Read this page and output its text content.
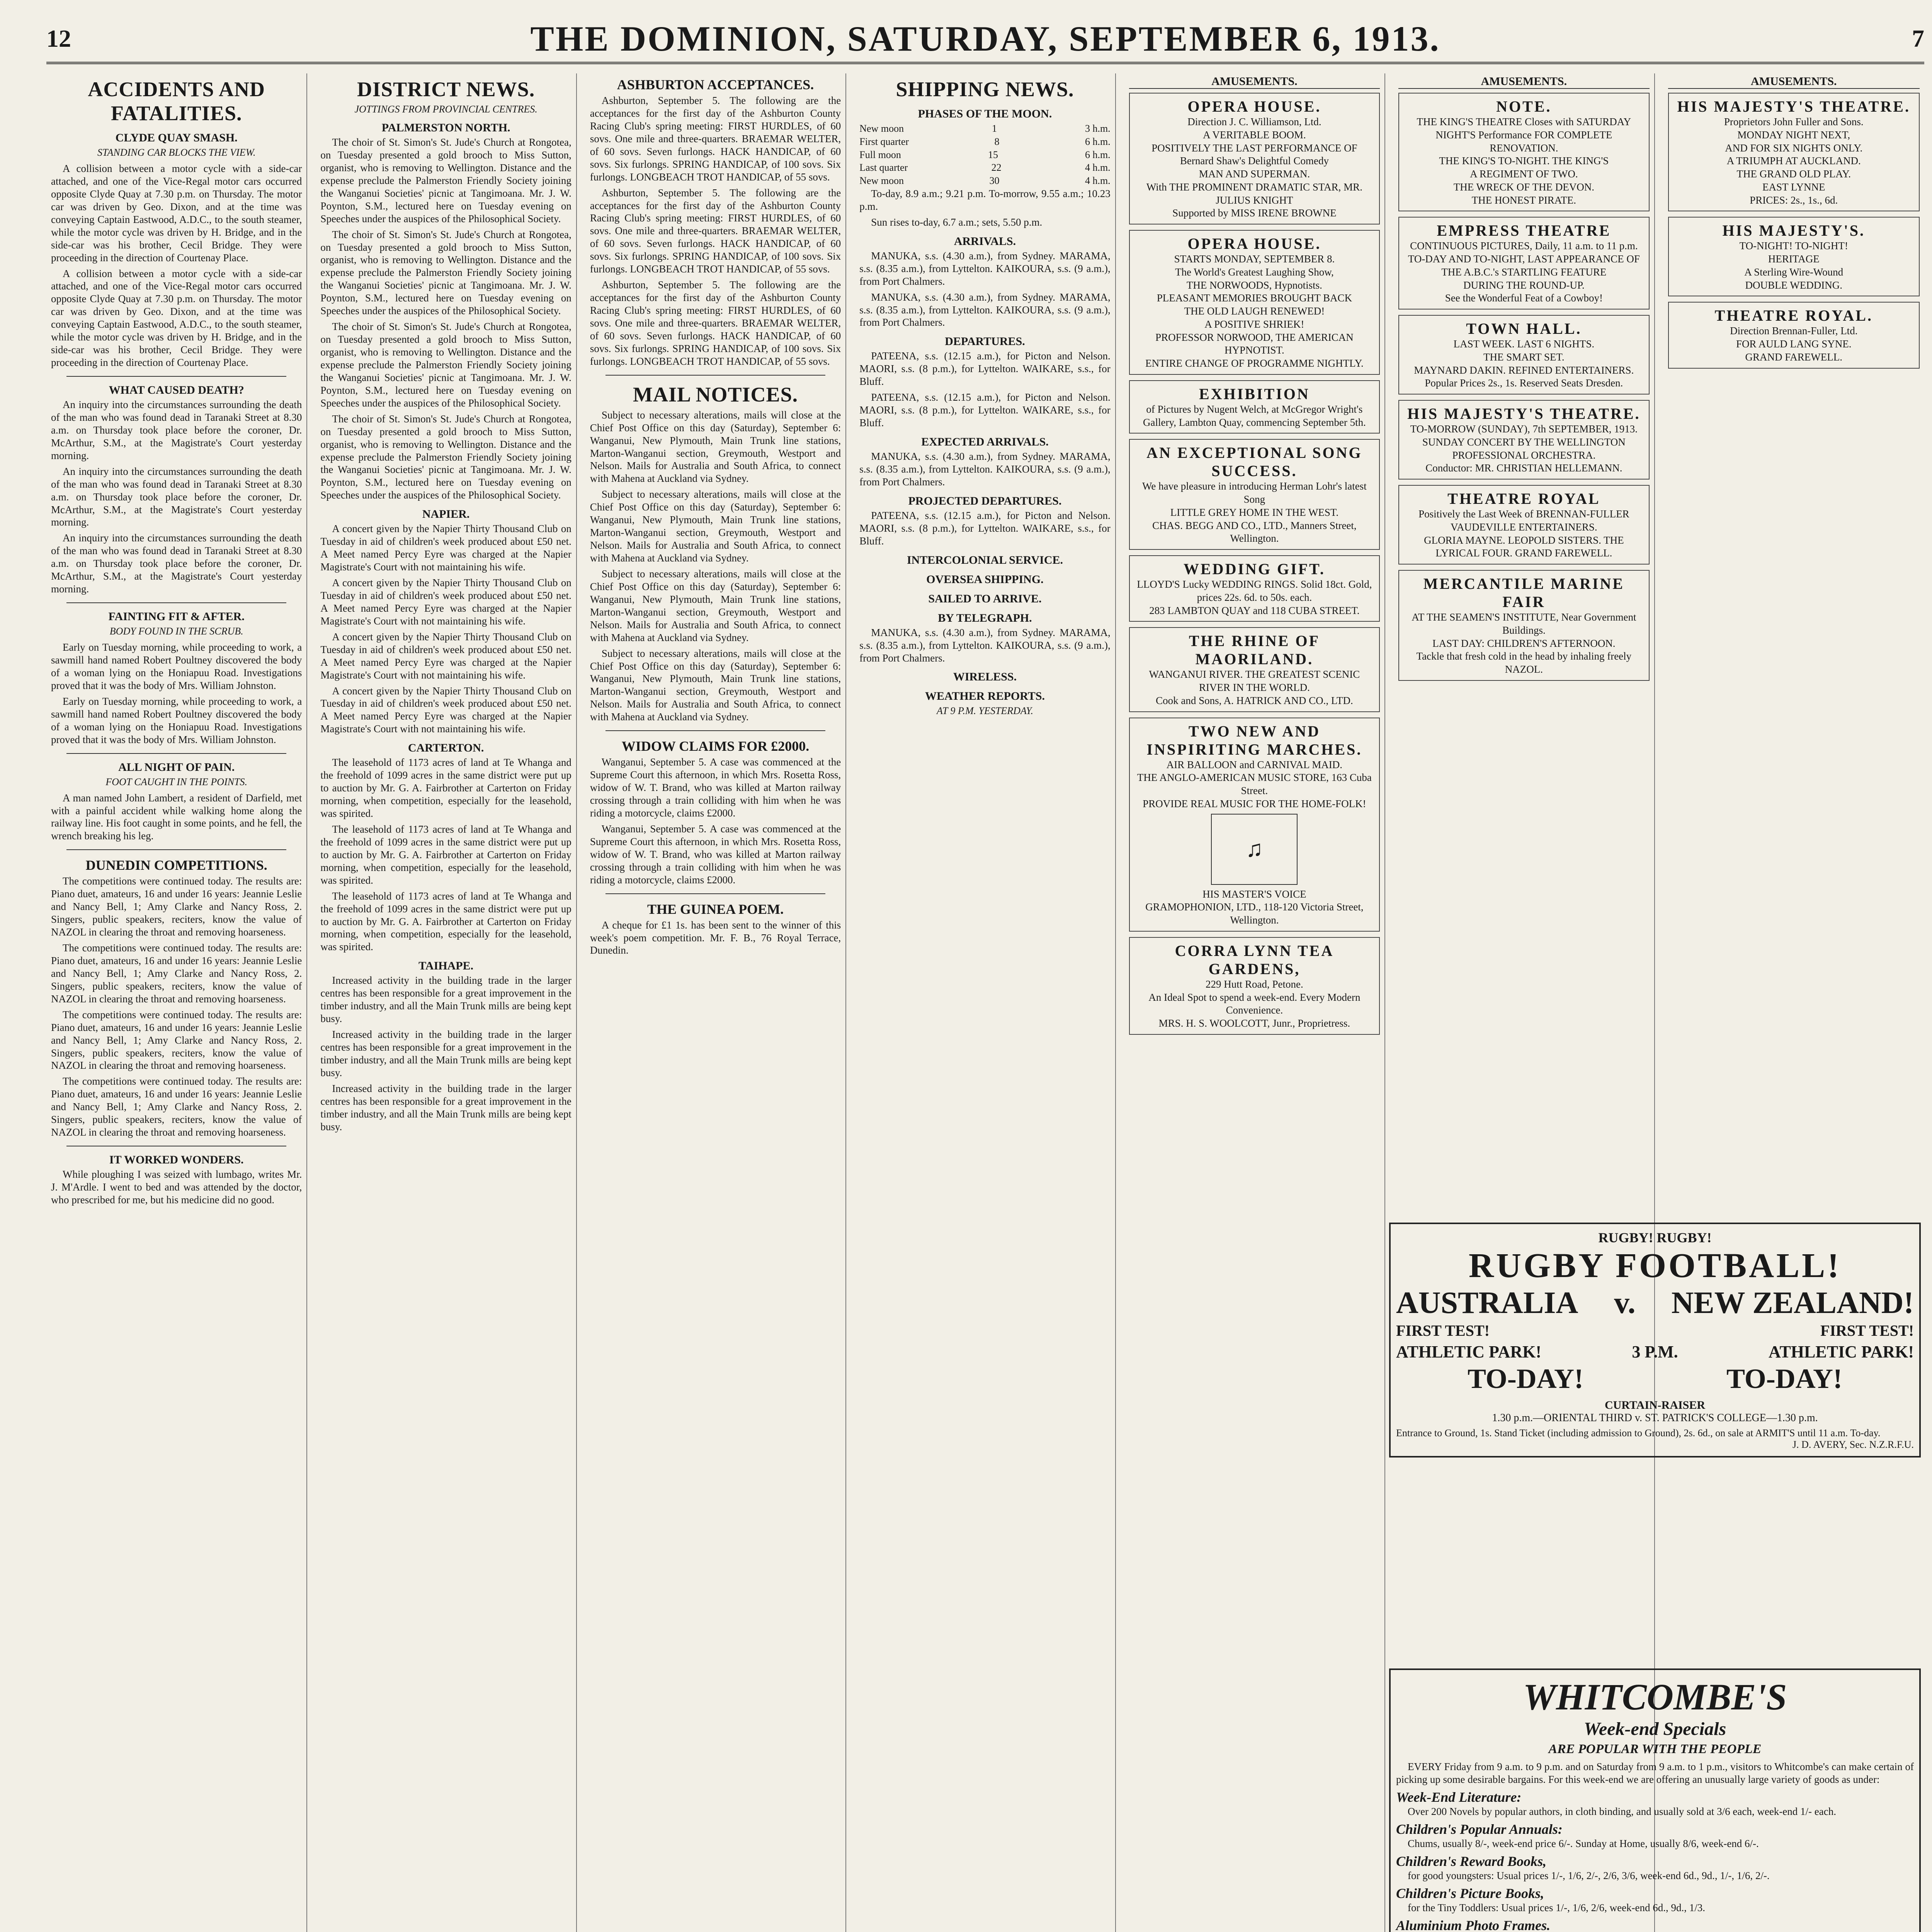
12	THE DOMINION, SATURDAY, SEPTEMBER 6, 1913.	7
ACCIDENTS AND FATALITIES.
CLYDE QUAY SMASH.
STANDING CAR BLOCKS THE VIEW.

A collision between a motor cycle with a side-car attached, and one of the Vice-Regal motor cars occurred opposite Clyde Quay at 7.30 p.m. on Thursday. The motor car was driven by Geo. Dixon, and at the time was conveying Captain Eastwood, A.D.C., to the south steamer, while the motor cycle was driven by H. Bridge, and in the side-car was his brother, Cecil Bridge. They were proceeding in the direction of Courtenay Place.

A collision between a motor cycle with a side-car attached, and one of the Vice-Regal motor cars occurred opposite Clyde Quay at 7.30 p.m. on Thursday. The motor car was driven by Geo. Dixon, and at the time was conveying Captain Eastwood, A.D.C., to the south steamer, while the motor cycle was driven by H. Bridge, and in the side-car was his brother, Cecil Bridge. They were proceeding in the direction of Courtenay Place.

WHAT CAUSED DEATH?

An inquiry into the circumstances surrounding the death of the man who was found dead in Taranaki Street at 8.30 a.m. on Thursday took place before the coroner, Dr. McArthur, S.M., at the Magistrate's Court yesterday morning.

An inquiry into the circumstances surrounding the death of the man who was found dead in Taranaki Street at 8.30 a.m. on Thursday took place before the coroner, Dr. McArthur, S.M., at the Magistrate's Court yesterday morning.

An inquiry into the circumstances surrounding the death of the man who was found dead in Taranaki Street at 8.30 a.m. on Thursday took place before the coroner, Dr. McArthur, S.M., at the Magistrate's Court yesterday morning.

FAINTING FIT & AFTER.
BODY FOUND IN THE SCRUB.

Early on Tuesday morning, while proceeding to work, a sawmill hand named Robert Poultney discovered the body of a woman lying on the Honiapuu Road. Investigations proved that it was the body of Mrs. William Johnston.

Early on Tuesday morning, while proceeding to work, a sawmill hand named Robert Poultney discovered the body of a woman lying on the Honiapuu Road. Investigations proved that it was the body of Mrs. William Johnston.

ALL NIGHT OF PAIN.
FOOT CAUGHT IN THE POINTS.

A man named John Lambert, a resident of Darfield, met with a painful accident while walking home along the railway line. His foot caught in some points, and he fell, the wrench breaking his leg.

DUNEDIN COMPETITIONS.

The competitions were continued today. The results are: Piano duet, amateurs, 16 and under 16 years: Jeannie Leslie and Nancy Bell, 1; Amy Clarke and Nancy Ross, 2. Singers, public speakers, reciters, know the value of NAZOL in clearing the throat and removing hoarseness.

The competitions were continued today. The results are: Piano duet, amateurs, 16 and under 16 years: Jeannie Leslie and Nancy Bell, 1; Amy Clarke and Nancy Ross, 2. Singers, public speakers, reciters, know the value of NAZOL in clearing the throat and removing hoarseness.

The competitions were continued today. The results are: Piano duet, amateurs, 16 and under 16 years: Jeannie Leslie and Nancy Bell, 1; Amy Clarke and Nancy Ross, 2. Singers, public speakers, reciters, know the value of NAZOL in clearing the throat and removing hoarseness.

The competitions were continued today. The results are: Piano duet, amateurs, 16 and under 16 years: Jeannie Leslie and Nancy Bell, 1; Amy Clarke and Nancy Ross, 2. Singers, public speakers, reciters, know the value of NAZOL in clearing the throat and removing hoarseness.

IT WORKED WONDERS.

While ploughing I was seized with lumbago, writes Mr. J. M'Ardle. I went to bed and was attended by the doctor, who prescribed for me, but his medicine did no good.

DISTRICT NEWS.
JOTTINGS FROM PROVINCIAL CENTRES.
PALMERSTON NORTH.

The choir of St. Simon's St. Jude's Church at Rongotea, on Tuesday presented a gold brooch to Miss Sutton, organist, who is removing to Wellington. Distance and the expense preclude the Palmerston Friendly Society joining the Wanganui Societies' picnic at Tangimoana. Mr. J. W. Poynton, S.M., lectured here on Tuesday evening on Speeches under the auspices of the Philosophical Society.

The choir of St. Simon's St. Jude's Church at Rongotea, on Tuesday presented a gold brooch to Miss Sutton, organist, who is removing to Wellington. Distance and the expense preclude the Palmerston Friendly Society joining the Wanganui Societies' picnic at Tangimoana. Mr. J. W. Poynton, S.M., lectured here on Tuesday evening on Speeches under the auspices of the Philosophical Society.

The choir of St. Simon's St. Jude's Church at Rongotea, on Tuesday presented a gold brooch to Miss Sutton, organist, who is removing to Wellington. Distance and the expense preclude the Palmerston Friendly Society joining the Wanganui Societies' picnic at Tangimoana. Mr. J. W. Poynton, S.M., lectured here on Tuesday evening on Speeches under the auspices of the Philosophical Society.

The choir of St. Simon's St. Jude's Church at Rongotea, on Tuesday presented a gold brooch to Miss Sutton, organist, who is removing to Wellington. Distance and the expense preclude the Palmerston Friendly Society joining the Wanganui Societies' picnic at Tangimoana. Mr. J. W. Poynton, S.M., lectured here on Tuesday evening on Speeches under the auspices of the Philosophical Society.

NAPIER.

A concert given by the Napier Thirty Thousand Club on Tuesday in aid of children's week produced about £50 net. A Meet named Percy Eyre was charged at the Napier Magistrate's Court with not maintaining his wife.

A concert given by the Napier Thirty Thousand Club on Tuesday in aid of children's week produced about £50 net. A Meet named Percy Eyre was charged at the Napier Magistrate's Court with not maintaining his wife.

A concert given by the Napier Thirty Thousand Club on Tuesday in aid of children's week produced about £50 net. A Meet named Percy Eyre was charged at the Napier Magistrate's Court with not maintaining his wife.

A concert given by the Napier Thirty Thousand Club on Tuesday in aid of children's week produced about £50 net. A Meet named Percy Eyre was charged at the Napier Magistrate's Court with not maintaining his wife.

CARTERTON.

The leasehold of 1173 acres of land at Te Whanga and the freehold of 1099 acres in the same district were put up to auction by Mr. G. A. Fairbrother at Carterton on Friday morning, when competition, especially for the leasehold, was spirited.

The leasehold of 1173 acres of land at Te Whanga and the freehold of 1099 acres in the same district were put up to auction by Mr. G. A. Fairbrother at Carterton on Friday morning, when competition, especially for the leasehold, was spirited.

The leasehold of 1173 acres of land at Te Whanga and the freehold of 1099 acres in the same district were put up to auction by Mr. G. A. Fairbrother at Carterton on Friday morning, when competition, especially for the leasehold, was spirited.

TAIHAPE.

Increased activity in the building trade in the larger centres has been responsible for a great improvement in the timber industry, and all the Main Trunk mills are being kept busy.

Increased activity in the building trade in the larger centres has been responsible for a great improvement in the timber industry, and all the Main Trunk mills are being kept busy.

Increased activity in the building trade in the larger centres has been responsible for a great improvement in the timber industry, and all the Main Trunk mills are being kept busy.

ASHBURTON ACCEPTANCES.

Ashburton, September 5. The following are the acceptances for the first day of the Ashburton County Racing Club's spring meeting: FIRST HURDLES, of 60 sovs. One mile and three-quarters. BRAEMAR WELTER, of 60 sovs. Seven furlongs. HACK HANDICAP, of 60 sovs. Six furlongs. SPRING HANDICAP, of 100 sovs. Six furlongs. LONGBEACH TROT HANDICAP, of 55 sovs.

Ashburton, September 5. The following are the acceptances for the first day of the Ashburton County Racing Club's spring meeting: FIRST HURDLES, of 60 sovs. One mile and three-quarters. BRAEMAR WELTER, of 60 sovs. Seven furlongs. HACK HANDICAP, of 60 sovs. Six furlongs. SPRING HANDICAP, of 100 sovs. Six furlongs. LONGBEACH TROT HANDICAP, of 55 sovs.

Ashburton, September 5. The following are the acceptances for the first day of the Ashburton County Racing Club's spring meeting: FIRST HURDLES, of 60 sovs. One mile and three-quarters. BRAEMAR WELTER, of 60 sovs. Seven furlongs. HACK HANDICAP, of 60 sovs. Six furlongs. SPRING HANDICAP, of 100 sovs. Six furlongs. LONGBEACH TROT HANDICAP, of 55 sovs.

MAIL NOTICES.

Subject to necessary alterations, mails will close at the Chief Post Office on this day (Saturday), September 6: Wanganui, New Plymouth, Main Trunk line stations, Marton-Wanganui section, Greymouth, Westport and Nelson. Mails for Australia and South Africa, to connect with Mahena at Auckland via Sydney.

Subject to necessary alterations, mails will close at the Chief Post Office on this day (Saturday), September 6: Wanganui, New Plymouth, Main Trunk line stations, Marton-Wanganui section, Greymouth, Westport and Nelson. Mails for Australia and South Africa, to connect with Mahena at Auckland via Sydney.

Subject to necessary alterations, mails will close at the Chief Post Office on this day (Saturday), September 6: Wanganui, New Plymouth, Main Trunk line stations, Marton-Wanganui section, Greymouth, Westport and Nelson. Mails for Australia and South Africa, to connect with Mahena at Auckland via Sydney.

Subject to necessary alterations, mails will close at the Chief Post Office on this day (Saturday), September 6: Wanganui, New Plymouth, Main Trunk line stations, Marton-Wanganui section, Greymouth, Westport and Nelson. Mails for Australia and South Africa, to connect with Mahena at Auckland via Sydney.

WIDOW CLAIMS FOR £2000.

Wanganui, September 5. A case was commenced at the Supreme Court this afternoon, in which Mrs. Rosetta Ross, widow of W. T. Brand, who was killed at Marton railway crossing through a train colliding with him when he was riding a motorcycle, claims £2000.

Wanganui, September 5. A case was commenced at the Supreme Court this afternoon, in which Mrs. Rosetta Ross, widow of W. T. Brand, who was killed at Marton railway crossing through a train colliding with him when he was riding a motorcycle, claims £2000.

THE GUINEA POEM.

A cheque for £1 1s. has been sent to the winner of this week's poem competition. Mr. F. B., 76 Royal Terrace, Dunedin.

SHIPPING NEWS.
PHASES OF THE MOON.
New moon	1	3 h.m.
First quarter	8	6 h.m.
Full moon	15	6 h.m.
Last quarter	22	4 h.m.
New moon	30	4 h.m.

To-day, 8.9 a.m.; 9.21 p.m. To-morrow, 9.55 a.m.; 10.23 p.m.

Sun rises to-day, 6.7 a.m.; sets, 5.50 p.m.

ARRIVALS.

MANUKA, s.s. (4.30 a.m.), from Sydney. MARAMA, s.s. (8.35 a.m.), from Lyttelton. KAIKOURA, s.s. (9 a.m.), from Port Chalmers.

MANUKA, s.s. (4.30 a.m.), from Sydney. MARAMA, s.s. (8.35 a.m.), from Lyttelton. KAIKOURA, s.s. (9 a.m.), from Port Chalmers.

DEPARTURES.

PATEENA, s.s. (12.15 a.m.), for Picton and Nelson. MAORI, s.s. (8 p.m.), for Lyttelton. WAIKARE, s.s., for Bluff.

PATEENA, s.s. (12.15 a.m.), for Picton and Nelson. MAORI, s.s. (8 p.m.), for Lyttelton. WAIKARE, s.s., for Bluff.

EXPECTED ARRIVALS.

MANUKA, s.s. (4.30 a.m.), from Sydney. MARAMA, s.s. (8.35 a.m.), from Lyttelton. KAIKOURA, s.s. (9 a.m.), from Port Chalmers.

PROJECTED DEPARTURES.

PATEENA, s.s. (12.15 a.m.), for Picton and Nelson. MAORI, s.s. (8 p.m.), for Lyttelton. WAIKARE, s.s., for Bluff.

INTERCOLONIAL SERVICE.
OVERSEA SHIPPING.
SAILED TO ARRIVE.
BY TELEGRAPH.

MANUKA, s.s. (4.30 a.m.), from Sydney. MARAMA, s.s. (8.35 a.m.), from Lyttelton. KAIKOURA, s.s. (9 a.m.), from Port Chalmers.

WIRELESS.
WEATHER REPORTS.
AT 9 P.M. YESTERDAY.
AMUSEMENTS.
OPERA HOUSE.
Direction J. C. Williamson, Ltd.
A VERITABLE BOOM.
POSITIVELY THE LAST PERFORMANCE OF Bernard Shaw's Delightful Comedy
MAN AND SUPERMAN.
With THE PROMINENT DRAMATIC STAR, MR. JULIUS KNIGHT
Supported by MISS IRENE BROWNE
OPERA HOUSE.
STARTS MONDAY, SEPTEMBER 8.
The World's Greatest Laughing Show,
THE NORWOODS, Hypnotists.
PLEASANT MEMORIES BROUGHT BACK
THE OLD LAUGH RENEWED!
A POSITIVE SHRIEK!
PROFESSOR NORWOOD, THE AMERICAN HYPNOTIST.
ENTIRE CHANGE OF PROGRAMME NIGHTLY.
EXHIBITION
of Pictures by Nugent Welch, at McGregor Wright's Gallery, Lambton Quay, commencing September 5th.
AN EXCEPTIONAL SONG SUCCESS.
We have pleasure in introducing Herman Lohr's latest Song
LITTLE GREY HOME IN THE WEST.
CHAS. BEGG AND CO., LTD., Manners Street, Wellington.
WEDDING GIFT.
LLOYD'S Lucky WEDDING RINGS. Solid 18ct. Gold, prices 22s. 6d. to 50s. each.
283 LAMBTON QUAY and 118 CUBA STREET.
THE RHINE OF MAORILAND.
WANGANUI RIVER. THE GREATEST SCENIC RIVER IN THE WORLD.
Cook and Sons, A. HATRICK AND CO., LTD.
TWO NEW AND INSPIRITING MARCHES.
AIR BALLOON and CARNIVAL MAID.
THE ANGLO-AMERICAN MUSIC STORE, 163 Cuba Street.
PROVIDE REAL MUSIC FOR THE HOME-FOLK!
♫
HIS MASTER'S VOICE
GRAMOPHONION, LTD., 118-120 Victoria Street, Wellington.
CORRA LYNN TEA GARDENS,
229 Hutt Road, Petone.
An Ideal Spot to spend a week-end. Every Modern Convenience.
MRS. H. S. WOOLCOTT, Junr., Proprietress.
AMUSEMENTS.
NOTE.
THE KING'S THEATRE Closes with SATURDAY NIGHT'S Performance FOR COMPLETE RENOVATION.
THE KING'S TO-NIGHT. THE KING'S
A REGIMENT OF TWO.
THE WRECK OF THE DEVON.
THE HONEST PIRATE.
EMPRESS THEATRE
CONTINUOUS PICTURES, Daily, 11 a.m. to 11 p.m.
TO-DAY AND TO-NIGHT, LAST APPEARANCE OF THE A.B.C.'s STARTLING FEATURE
DURING THE ROUND-UP.
See the Wonderful Feat of a Cowboy!
TOWN HALL.
LAST WEEK. LAST 6 NIGHTS.
THE SMART SET.
MAYNARD DAKIN. REFINED ENTERTAINERS.
Popular Prices 2s., 1s. Reserved Seats Dresden.
HIS MAJESTY'S THEATRE.
TO-MORROW (SUNDAY), 7th SEPTEMBER, 1913.
SUNDAY CONCERT BY THE WELLINGTON PROFESSIONAL ORCHESTRA.
Conductor: MR. CHRISTIAN HELLEMANN.
THEATRE ROYAL
Positively the Last Week of BRENNAN-FULLER VAUDEVILLE ENTERTAINERS.
GLORIA MAYNE. LEOPOLD SISTERS. THE LYRICAL FOUR. GRAND FAREWELL.
MERCANTILE MARINE FAIR
AT THE SEAMEN'S INSTITUTE, Near Government Buildings.
LAST DAY: CHILDREN'S AFTERNOON.
Tackle that fresh cold in the head by inhaling freely NAZOL.
AMUSEMENTS.
HIS MAJESTY'S THEATRE.
Proprietors John Fuller and Sons.
MONDAY NIGHT NEXT,
AND FOR SIX NIGHTS ONLY.
A TRIUMPH AT AUCKLAND.
THE GRAND OLD PLAY.
EAST LYNNE
PRICES: 2s., 1s., 6d.
HIS MAJESTY'S.
TO-NIGHT! TO-NIGHT!
HERITAGE
A Sterling Wire-Wound
DOUBLE WEDDING.
THEATRE ROYAL.
Direction Brennan-Fuller, Ltd.
FOR AULD LANG SYNE.
GRAND FAREWELL.
RUGBY! RUGBY!
RUGBY FOOTBALL!
AUSTRALIA v. NEW ZEALAND!
FIRST TEST!	FIRST TEST!
ATHLETIC PARK!	3 P.M.	ATHLETIC PARK!
TO-DAY!	TO-DAY!
CURTAIN-RAISER
1.30 p.m.—ORIENTAL THIRD v. ST. PATRICK'S COLLEGE—1.30 p.m.
Entrance to Ground, 1s. Stand Ticket (including admission to Ground), 2s. 6d., on sale at ARMIT'S until 11 a.m. To-day.
J. D. AVERY, Sec. N.Z.R.F.U.
WHITCOMBE'S
Week-end Specials
ARE POPULAR WITH THE PEOPLE

EVERY Friday from 9 a.m. to 9 p.m. and on Saturday from 9 a.m. to 1 p.m., visitors to Whitcombe's can make certain of picking up some desirable bargains. For this week-end we are offering an unusually large variety of goods as under:

Week-End Literature:

Over 200 Novels by popular authors, in cloth binding, and usually sold at 3/6 each, week-end 1/- each.

Children's Popular Annuals:

Chums, usually 8/-, week-end price 6/-. Sunday at Home, usually 8/6, week-end 6/-.

Children's Reward Books,

for good youngsters: Usual prices 1/-, 1/6, 2/-, 2/6, 3/6, week-end 6d., 9d., 1/-, 1/6, 2/-.

Children's Picture Books,

for the Tiny Toddlers: Usual prices 1/-, 1/6, 2/6, week-end 6d., 9d., 1/3.

Aluminium Photo Frames.
